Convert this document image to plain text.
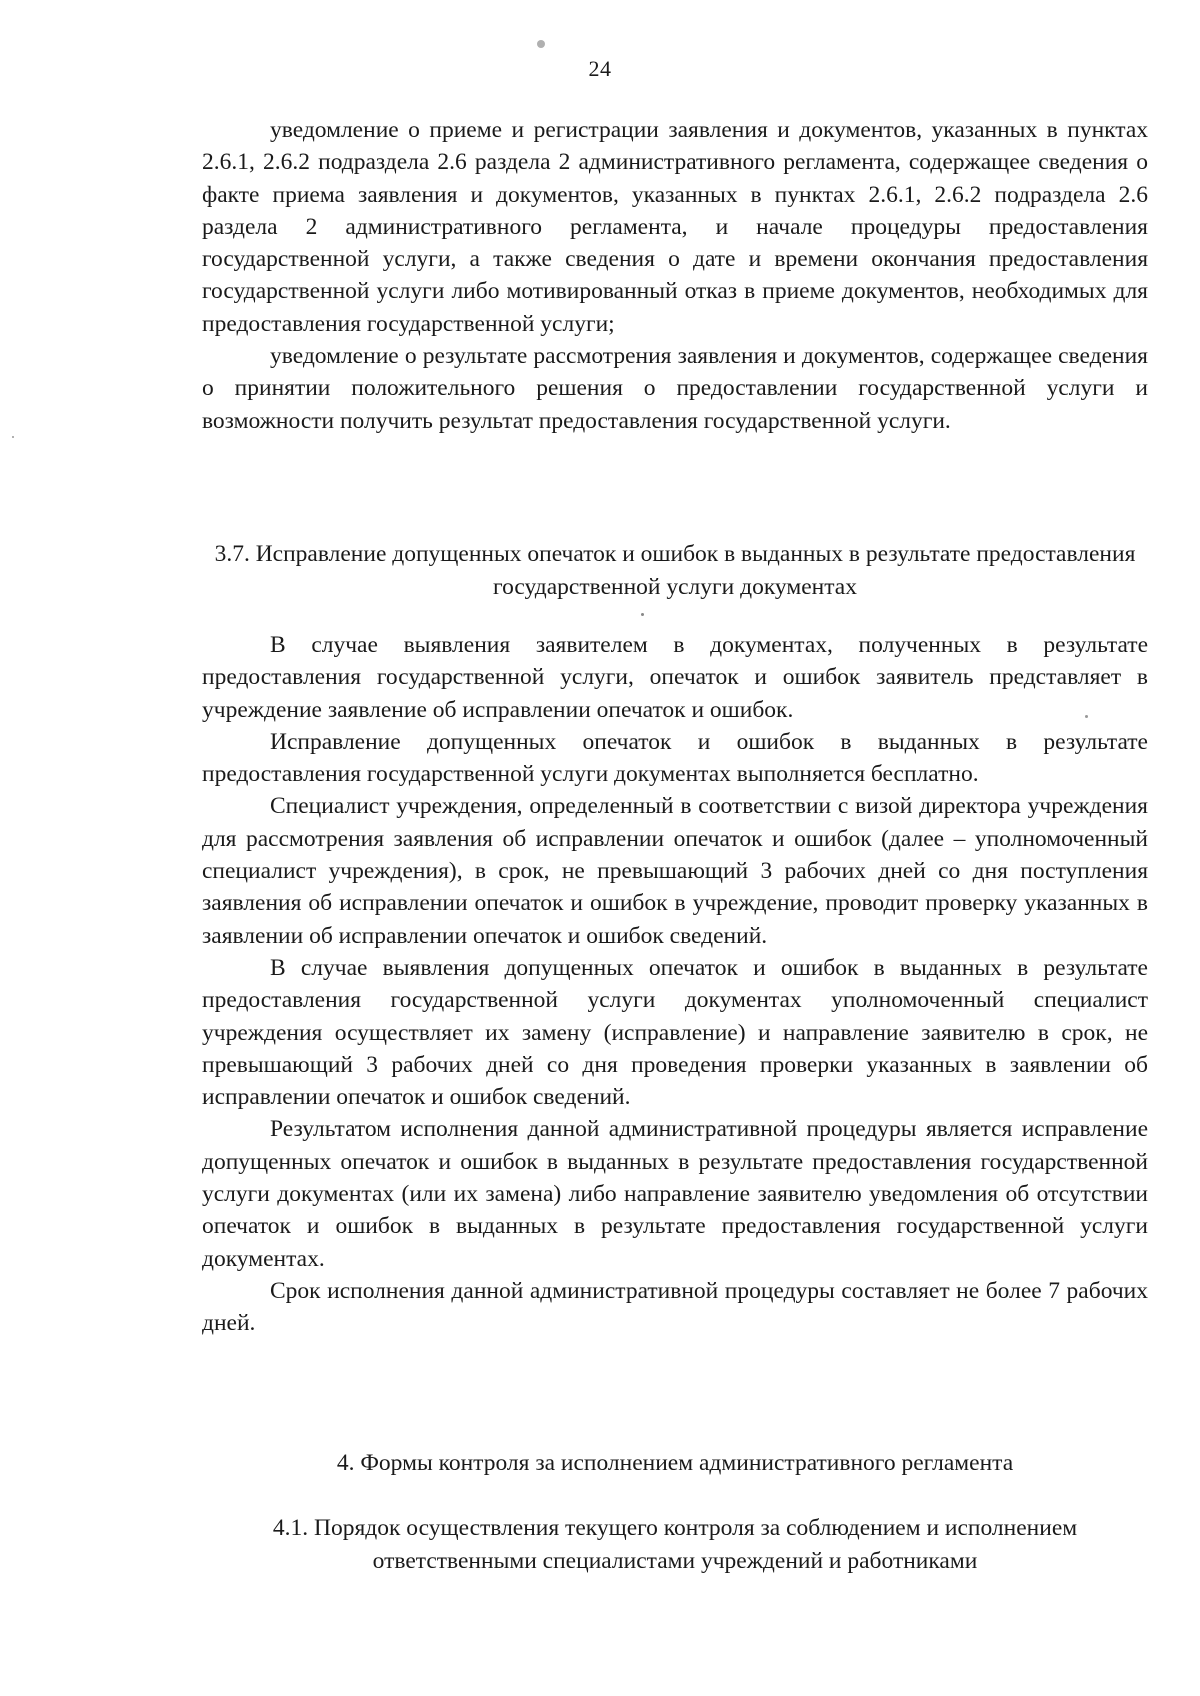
24

уведомление о приеме и регистрации заявления и документов, указанных в пунктах 2.6.1, 2.6.2 подраздела 2.6 раздела 2 административного регламента, содержащее сведения о факте приема заявления и документов, указанных в пунктах 2.6.1, 2.6.2 подраздела 2.6 раздела 2 административного регламента, и начале процедуры предоставления государственной услуги, а также сведения о дате и времени окончания предоставления государственной услуги либо мотивированный отказ в приеме документов, необходимых для предоставления государственной услуги;

уведомление о результате рассмотрения заявления и документов, содержащее сведения о принятии положительного решения о предоставлении государственной услуги и возможности получить результат предоставления государственной услуги.

3.7. Исправление допущенных опечаток и ошибок в выданных в результате предоставления государственной услуги документах

В случае выявления заявителем в документах, полученных в результате предоставления государственной услуги, опечаток и ошибок заявитель представляет в учреждение заявление об исправлении опечаток и ошибок.

Исправление допущенных опечаток и ошибок в выданных в результате предоставления государственной услуги документах выполняется бесплатно.

Специалист учреждения, определенный в соответствии с визой директора учреждения для рассмотрения заявления об исправлении опечаток и ошибок (далее – уполномоченный специалист учреждения), в срок, не превышающий 3 рабочих дней со дня поступления заявления об исправлении опечаток и ошибок в учреждение, проводит проверку указанных в заявлении об исправлении опечаток и ошибок сведений.

В случае выявления допущенных опечаток и ошибок в выданных в результате предоставления государственной услуги документах уполномоченный специалист учреждения осуществляет их замену (исправление) и направление заявителю в срок, не превышающий 3 рабочих дней со дня проведения проверки указанных в заявлении об исправлении опечаток и ошибок сведений.

Результатом исполнения данной административной процедуры является исправление допущенных опечаток и ошибок в выданных в результате предоставления государственной услуги документах (или их замена) либо направление заявителю уведомления об отсутствии опечаток и ошибок в выданных в результате предоставления государственной услуги документах.

Срок исполнения данной административной процедуры составляет не более 7 рабочих дней.

4. Формы контроля за исполнением административного регламента

4.1. Порядок осуществления текущего контроля за соблюдением и исполнением ответственными специалистами учреждений и работниками
